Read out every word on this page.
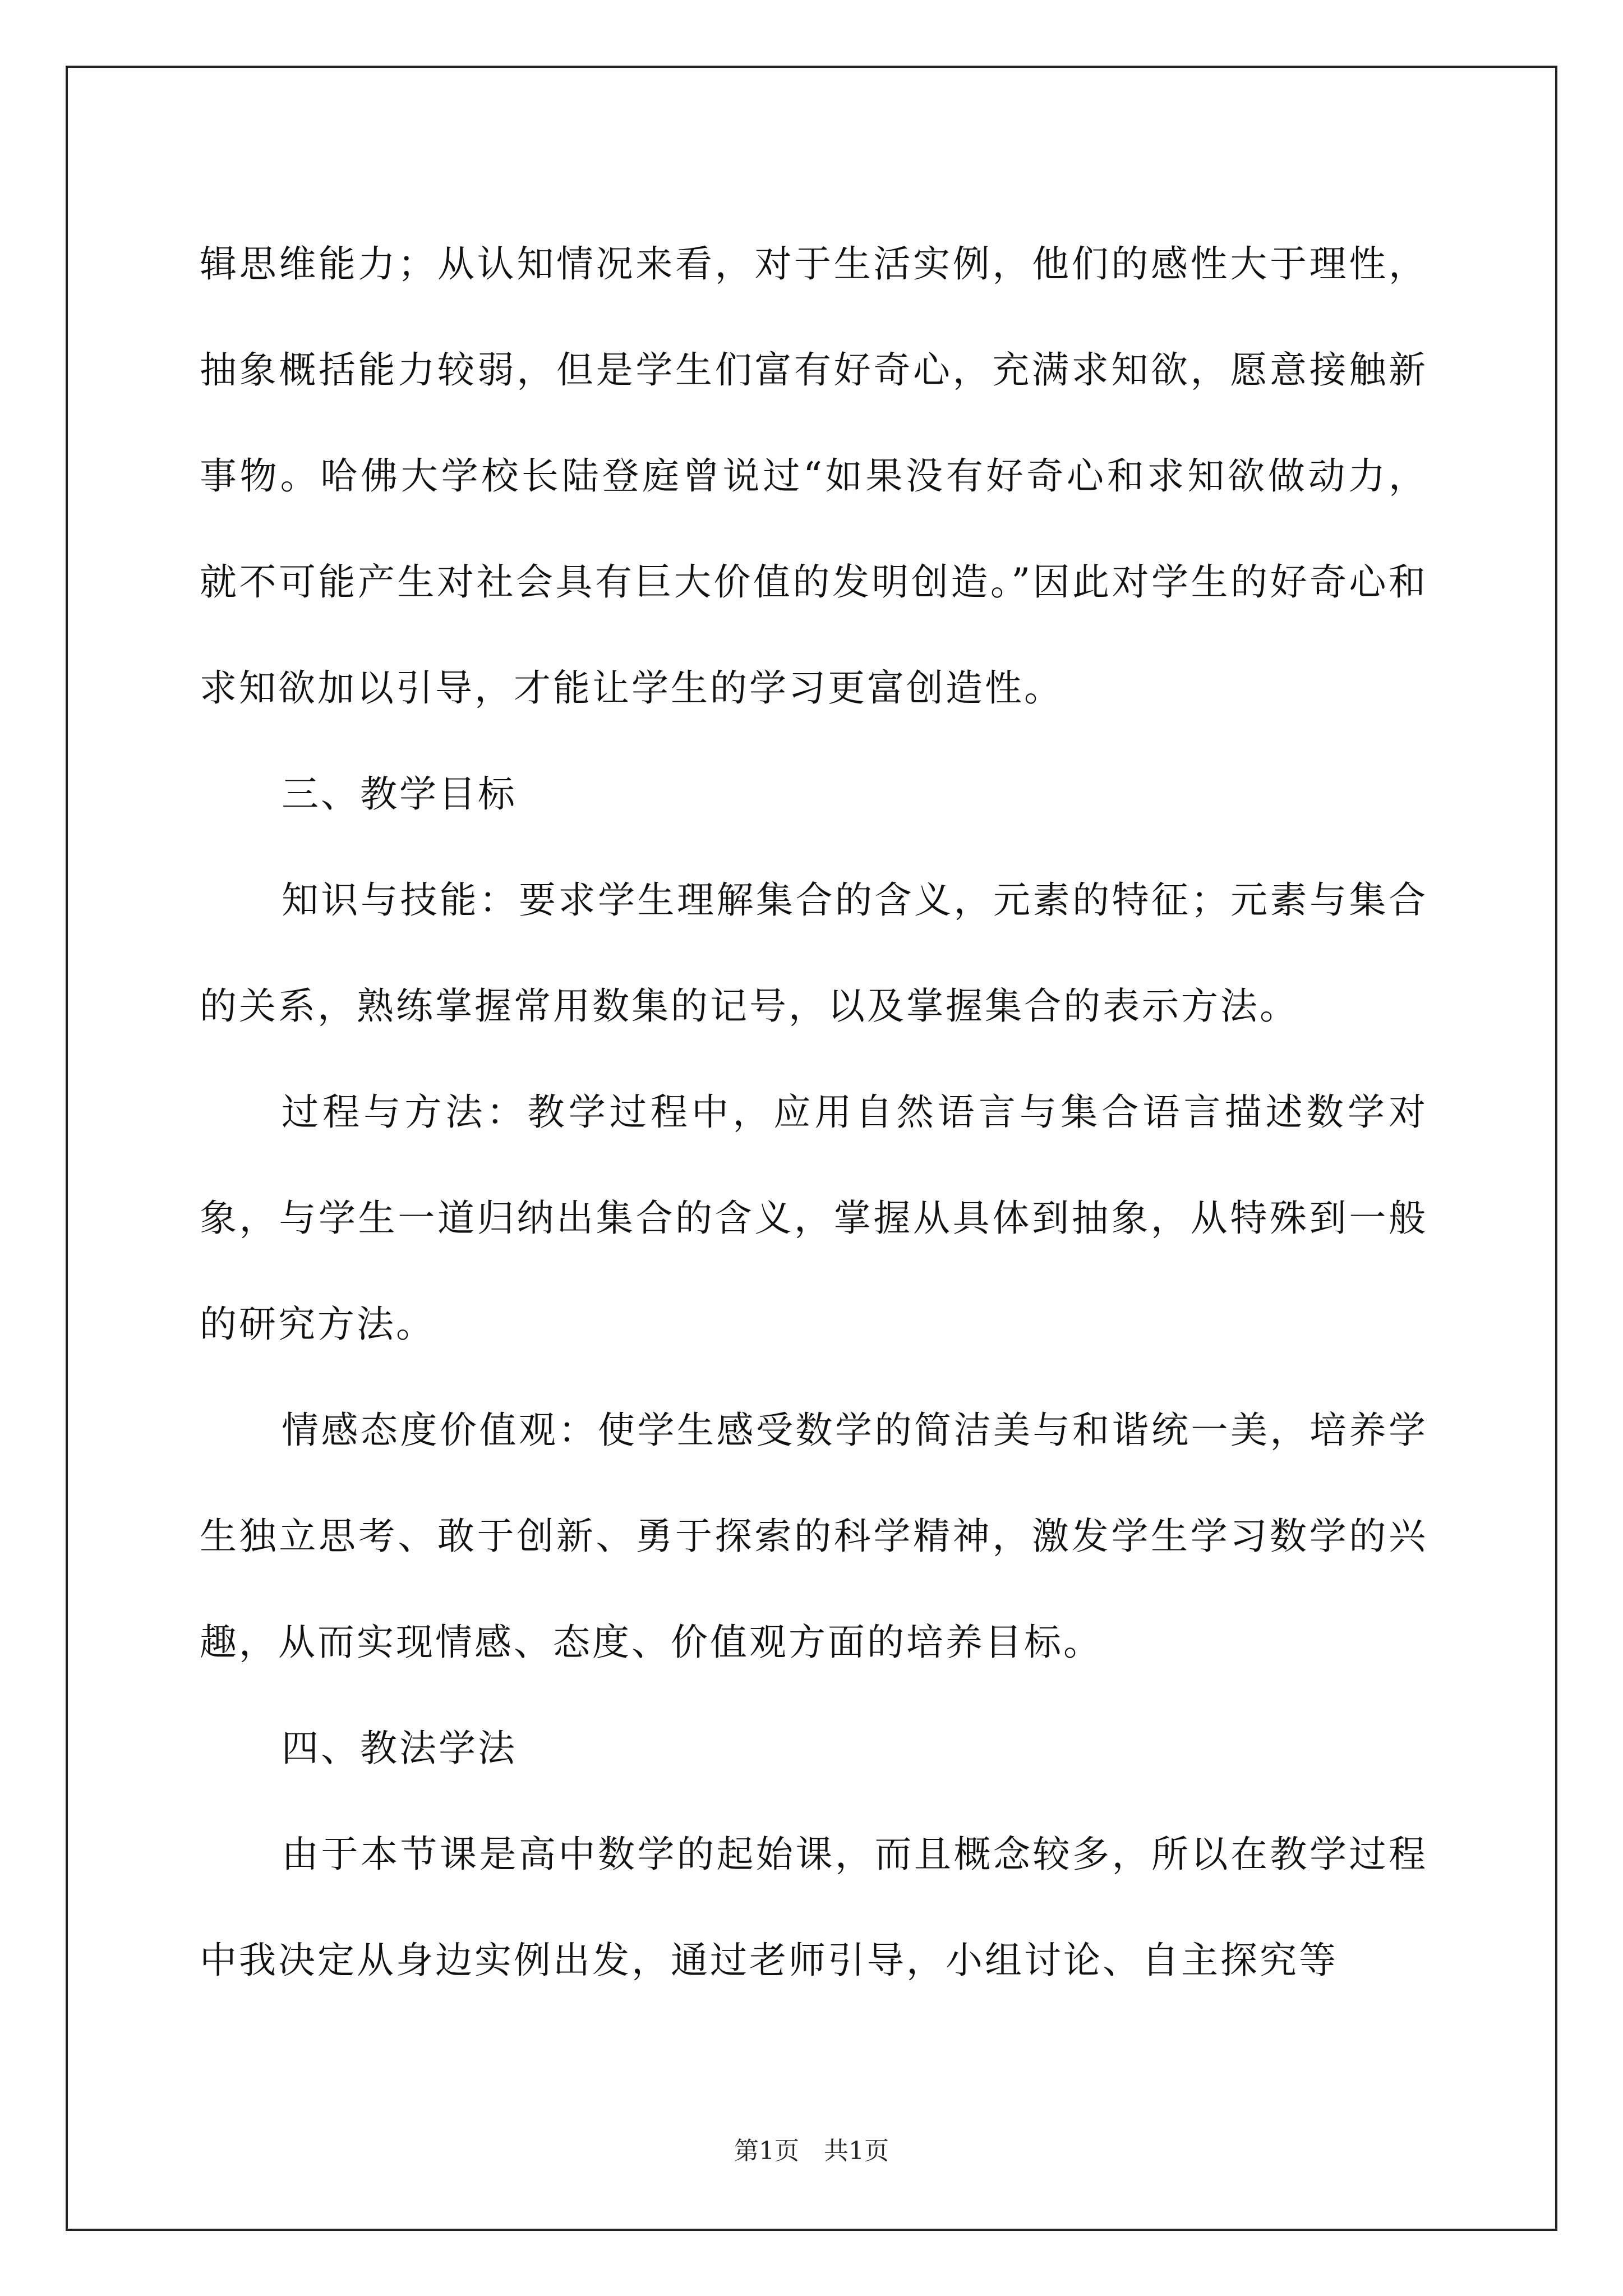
辑思维能力；从认知情况来看，对于生活实例，他们的感性大于理性，抽象概括能力较弱，但是学生们富有好奇心，充满求知欲，愿意接触新事物。哈佛大学校长陆登庭曾说过“如果没有好奇心和求知欲做动力，就不可能产生对社会具有巨大价值的发明创造。”因此对学生的好奇心和求知欲加以引导，才能让学生的学习更富创造性。

三、教学目标

知识与技能：要求学生理解集合的含义，元素的特征；元素与集合的关系，熟练掌握常用数集的记号，以及掌握集合的表示方法。

过程与方法：教学过程中，应用自然语言与集合语言描述数学对象，与学生一道归纳出集合的含义，掌握从具体到抽象，从特殊到一般的研究方法。

情感态度价值观：使学生感受数学的简洁美与和谐统一美，培养学生独立思考、敢于创新、勇于探索的科学精神，激发学生学习数学的兴趣，从而实现情感、态度、价值观方面的培养目标。

四、教法学法

由于本节课是高中数学的起始课，而且概念较多，所以在教学过程中我决定从身边实例出发，通过老师引导，小组讨论、自主探究等

第1页　共1页
